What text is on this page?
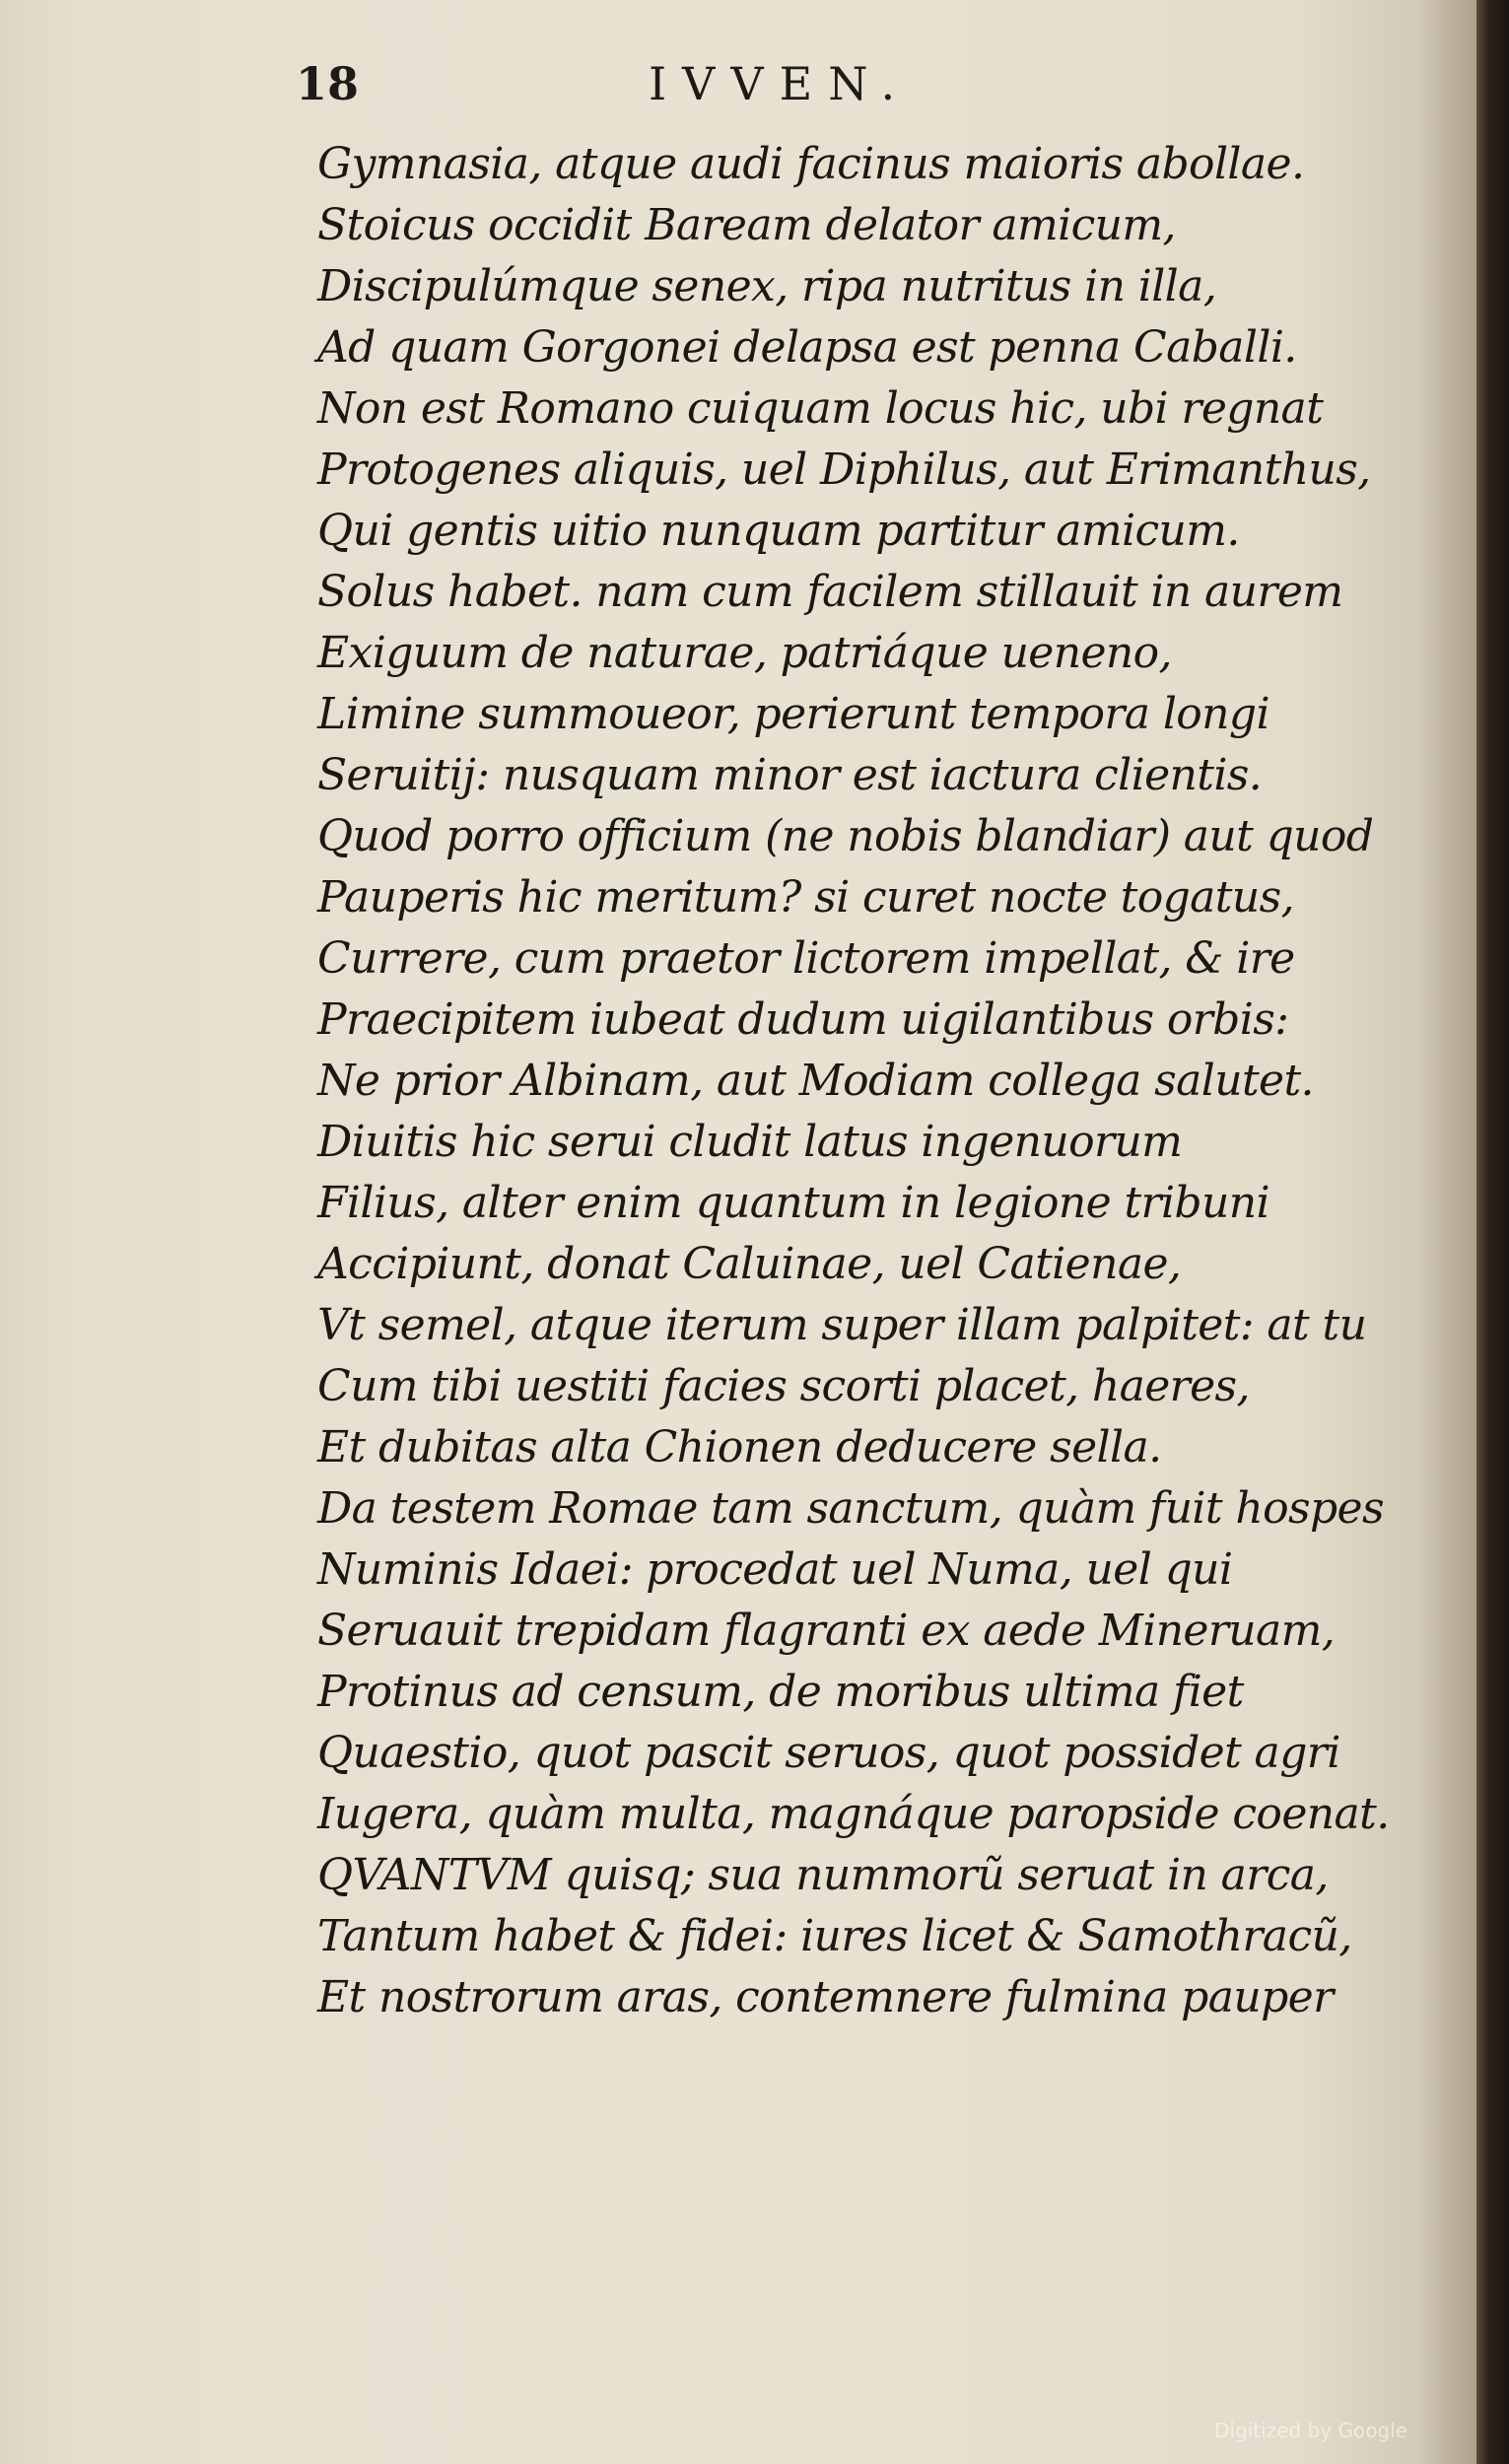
18	IVVEN.
Gymnasia, atque audi facinus maioris abollae.
Stoicus occidit Baream delator amicum,
Discipulúmque senex, ripa nutritus in illa,
Ad quam Gorgonei delapsa est penna Caballi.
Non est Romano cuiquam locus hic, ubi regnat
Protogenes aliquis, uel Diphilus, aut Erimanthus,
Qui gentis uitio nunquam partitur amicum.
Solus habet. nam cum facilem stillauit in aurem
Exiguum de naturae, patriáque ueneno,
Limine summoueor, perierunt tempora longi
Seruitij: nusquam minor est iactura clientis.
Quod porro officium (ne nobis blandiar) aut quod
Pauperis hic meritum? si curet nocte togatus,
Currere, cum praetor lictorem impellat, & ire
Praecipitem iubeat dudum uigilantibus orbis:
Ne prior Albinam, aut Modiam collega salutet.
Diuitis hic serui cludit latus ingenuorum
Filius, alter enim quantum in legione tribuni
Accipiunt, donat Caluinae, uel Catienae,
Vt semel, atque iterum super illam palpitet: at tu
Cum tibi uestiti facies scorti placet, haeres,
Et dubitas alta Chionen deducere sella.
Da testem Romae tam sanctum, quàm fuit hospes
Numinis Idaei: procedat uel Numa, uel qui
Seruauit trepidam flagranti ex aede Mineruam,
Protinus ad censum, de moribus ultima fiet
Quaestio, quot pascit seruos, quot possidet agri
Iugera, quàm multa, magnáque paropside coenat.
QVANTVM quisq; sua nummorũ seruat in arca,
Tantum habet & fidei: iures licet & Samothracũ,
Et nostrorum aras, contemnere fulmina pauper
Digitized by Google
